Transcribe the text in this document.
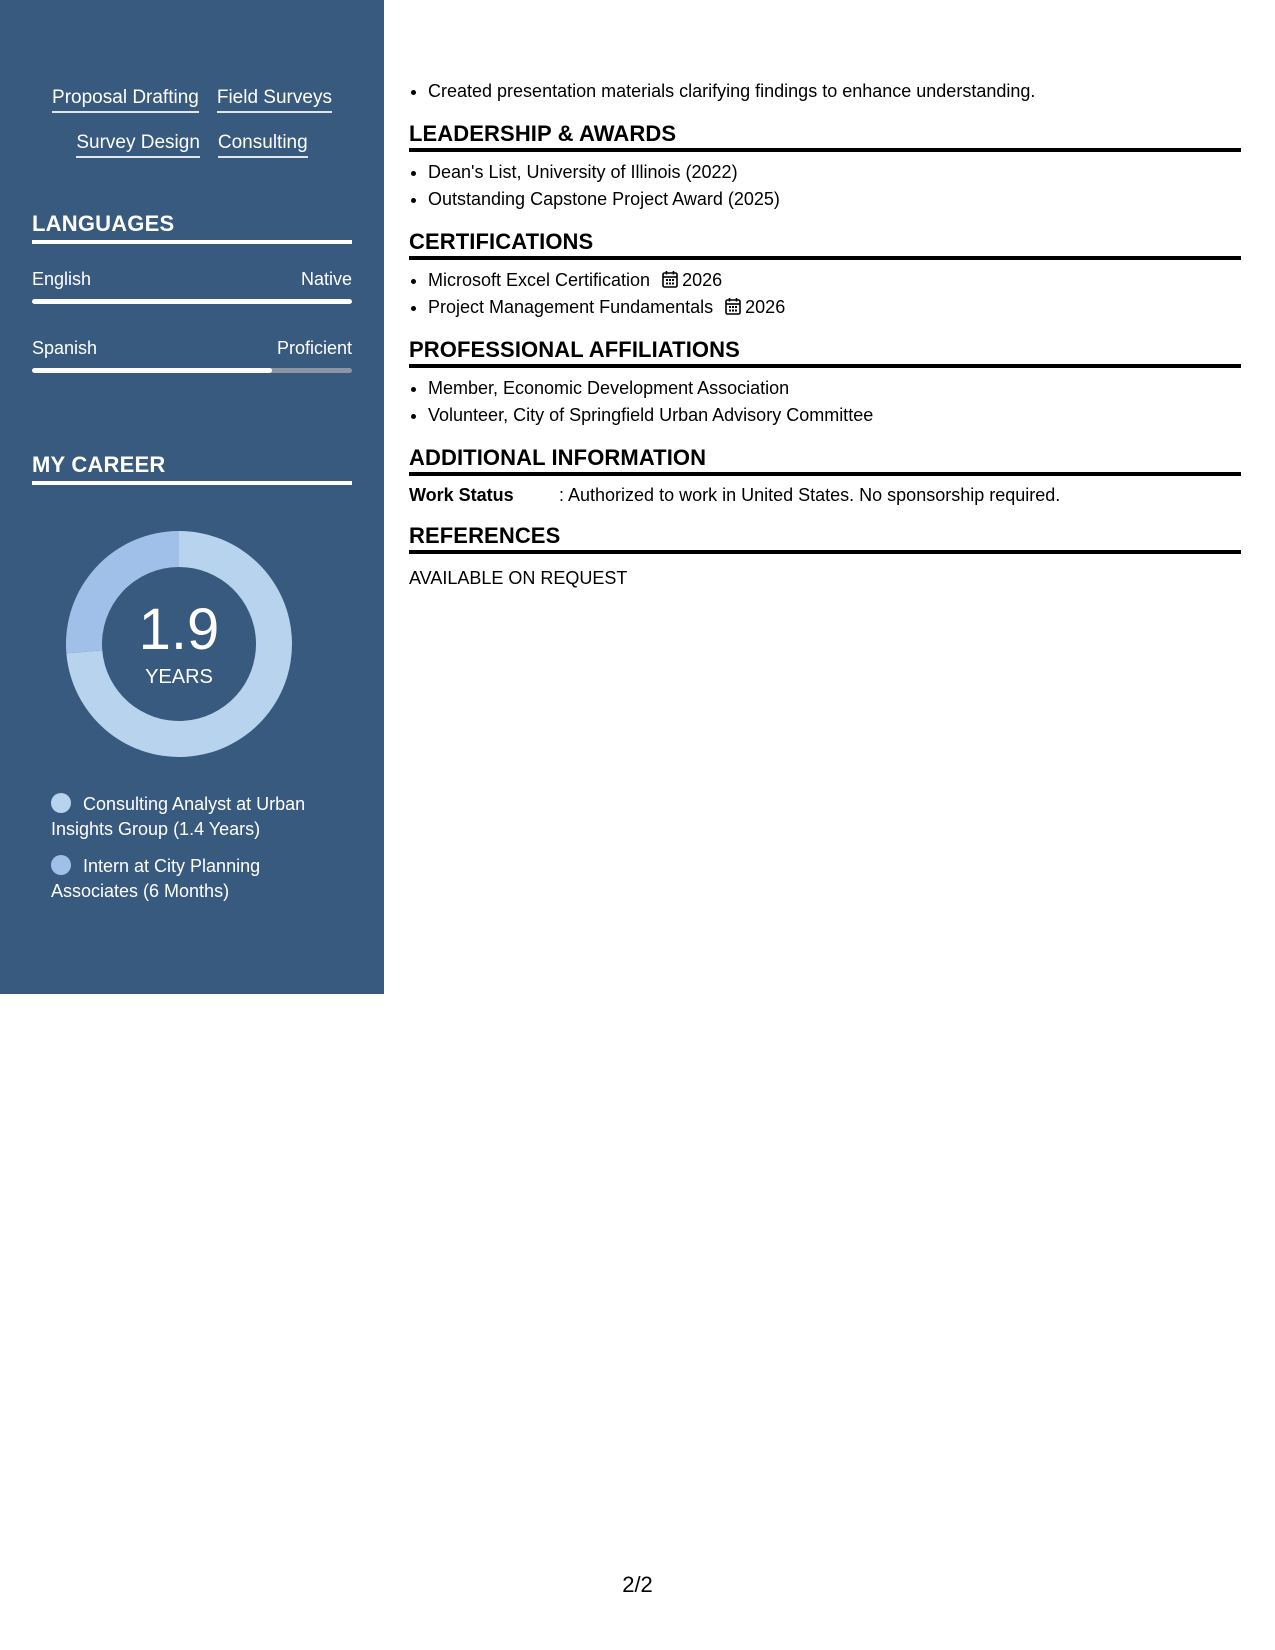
Proposal Drafting Field Surveys
Survey Design Consulting
LANGUAGES
English	Native
Spanish	Proficient
MY CAREER
1.9
YEARS
Consulting Analyst at Urban Insights Group (1.4 Years)
Intern at City Planning Associates (6 Months)
• Created presentation materials clarifying findings to enhance understanding.
LEADERSHIP & AWARDS
• Dean's List, University of Illinois (2022)
• Outstanding Capstone Project Award (2025)
CERTIFICATIONS
• Microsoft Excel Certification 2026
• Project Management Fundamentals 2026
PROFESSIONAL AFFILIATIONS
• Member, Economic Development Association
• Volunteer, City of Springfield Urban Advisory Committee
ADDITIONAL INFORMATION
Work Status	: Authorized to work in United States. No sponsorship required.
REFERENCES
AVAILABLE ON REQUEST
2/2
